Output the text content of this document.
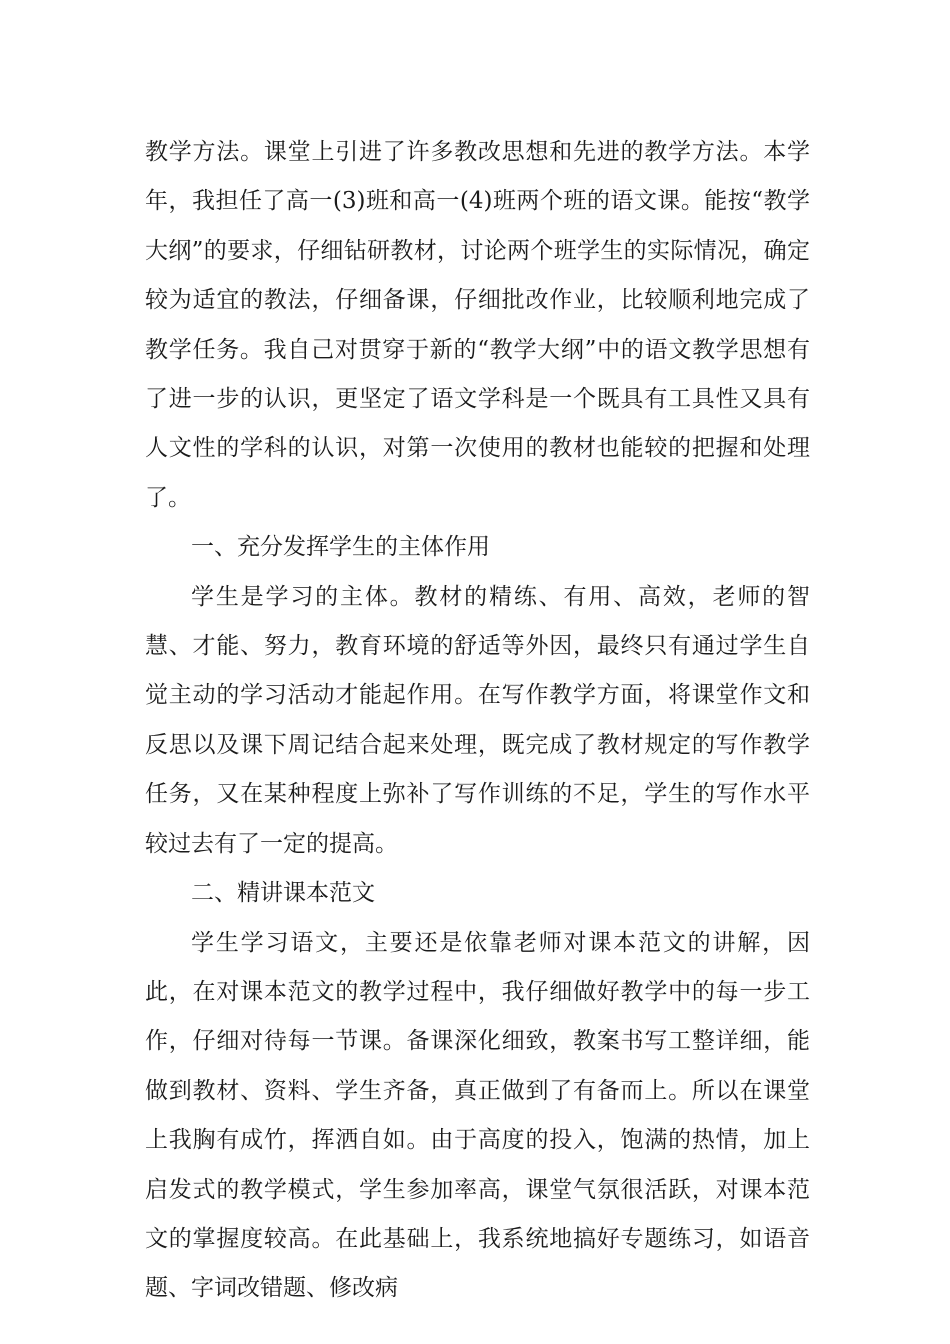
教学方法。课堂上引进了许多教改思想和先进的教学方法。本学年，我担任了高一(3)班和高一(4)班两个班的语文课。能按“教学大纲”的要求，仔细钻研教材，讨论两个班学生的实际情况，确定较为适宜的教法，仔细备课，仔细批改作业，比较顺利地完成了教学任务。我自己对贯穿于新的“教学大纲”中的语文教学思想有了进一步的认识，更坚定了语文学科是一个既具有工具性又具有人文性的学科的认识，对第一次使用的教材也能较的把握和处理了。

一、充分发挥学生的主体作用

学生是学习的主体。教材的精练、有用、高效，老师的智慧、才能、努力，教育环境的舒适等外因，最终只有通过学生自觉主动的学习活动才能起作用。在写作教学方面，将课堂作文和反思以及课下周记结合起来处理，既完成了教材规定的写作教学任务，又在某种程度上弥补了写作训练的不足，学生的写作水平较过去有了一定的提高。

二、精讲课本范文

学生学习语文，主要还是依靠老师对课本范文的讲解，因此，在对课本范文的教学过程中，我仔细做好教学中的每一步工作，仔细对待每一节课。备课深化细致，教案书写工整详细，能做到教材、资料、学生齐备，真正做到了有备而上。所以在课堂上我胸有成竹，挥洒自如。由于高度的投入，饱满的热情，加上启发式的教学模式，学生参加率高，课堂气氛很活跃，对课本范文的掌握度较高。在此基础上，我系统地搞好专题练习，如语音题、字词改错题、修改病
